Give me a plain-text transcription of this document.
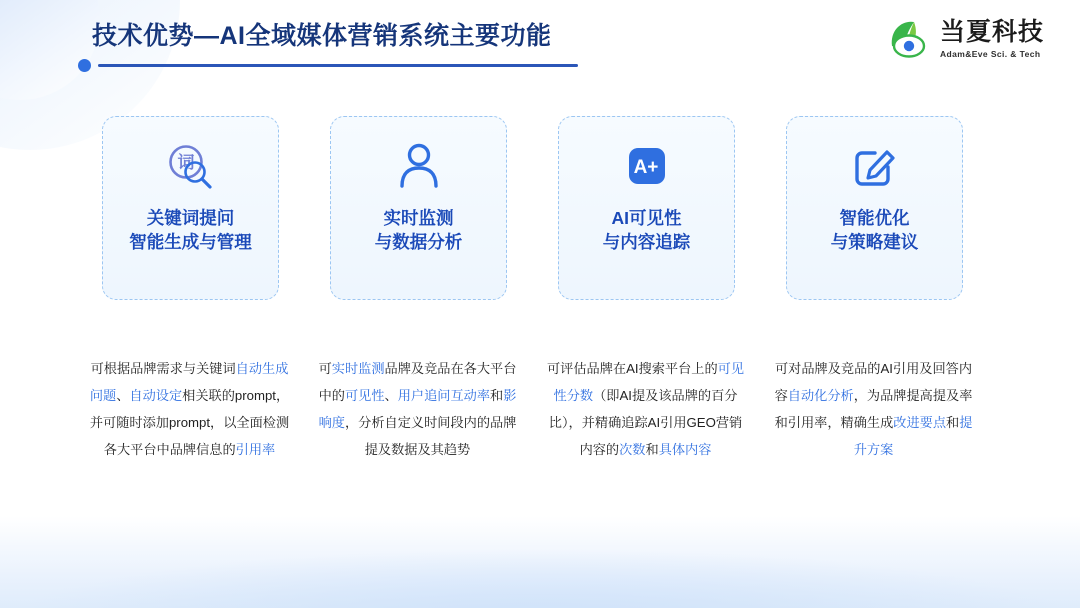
技术优势—AI全域媒体营销系统主要功能	当夏科技
Adam&Eve Sci. & Tech
词
关键词提问
智能生成与管理
实时监测
与数据分析
A+
AI可见性
与内容追踪
智能优化
与策略建议
可根据品牌需求与关键词自动生成问题、自动设定相关联的prompt，并可随时添加prompt，以全面检测各大平台中品牌信息的引用率
可实时监测品牌及竞品在各大平台中的可见性、用户追问互动率和影响度，分析自定义时间段内的品牌提及数据及其趋势
可评估品牌在AI搜索平台上的可见性分数（即AI提及该品牌的百分比），并精确追踪AI引用GEO营销内容的次数和具体内容
可对品牌及竞品的AI引用及回答内容自动化分析，为品牌提高提及率和引用率，精确生成改进要点和提升方案
